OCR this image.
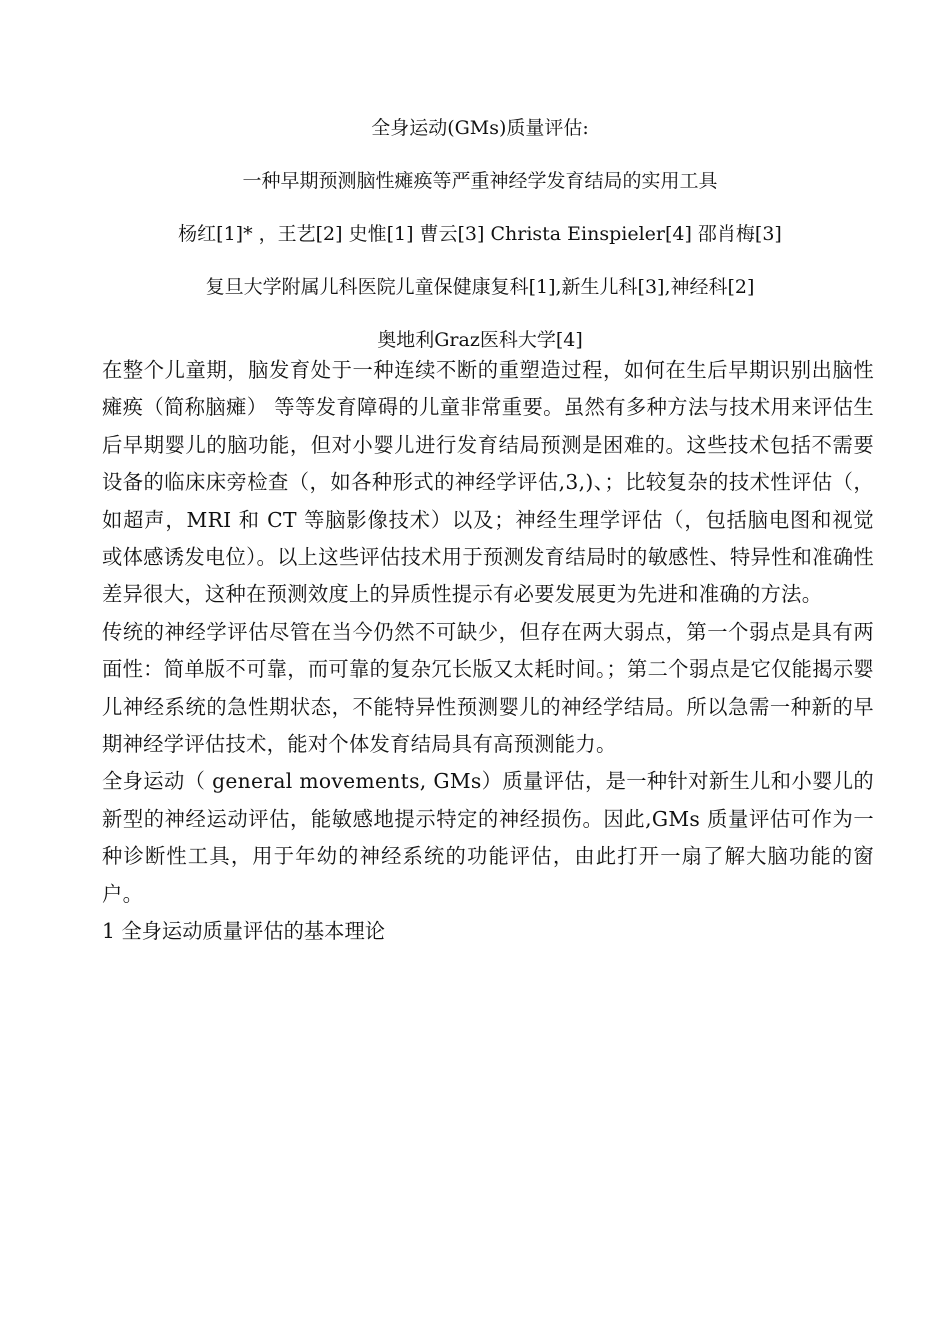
全身运动(GMs)质量评估:
一种早期预测脑性瘫痪等严重神经学发育结局的实用工具
杨红[1]* ，王艺[2] 史惟[1] 曹云[3] Christa Einspieler[4] 邵肖梅[3]
复旦大学附属儿科医院儿童保健康复科[1],新生儿科[3],神经科[2]
奥地利Graz医科大学[4]

在整个儿童期，脑发育处于一种连续不断的重塑造过程，如何在生后早期识别出脑性瘫痪（简称脑瘫） 等等发育障碍的儿童非常重要。虽然有多种方法与技术用来评估生后早期婴儿的脑功能，但对小婴儿进行发育结局预测是困难的。这些技术包括不需要设备的临床床旁检查（，如各种形式的神经学评估,3,)、；比较复杂的技术性评估（，如超声，MRI 和 CT 等脑影像技术）以及；神经生理学评估（，包括脑电图和视觉或体感诱发电位）。以上这些评估技术用于预测发育结局时的敏感性、特异性和准确性差异很大，这种在预测效度上的异质性提示有必要发展更为先进和准确的方法。

传统的神经学评估尽管在当今仍然不可缺少，但存在两大弱点，第一个弱点是具有两面性：简单版不可靠，而可靠的复杂冗长版又太耗时间。；第二个弱点是它仅能揭示婴儿神经系统的急性期状态，不能特异性预测婴儿的神经学结局。所以急需一种新的早期神经学评估技术，能对个体发育结局具有高预测能力。

全身运动（ general movements, GMs）质量评估，是一种针对新生儿和小婴儿的新型的神经运动评估，能敏感地提示特定的神经损伤。因此,GMs 质量评估可作为一种诊断性工具，用于年幼的神经系统的功能评估，由此打开一扇了解大脑功能的窗户。

1 全身运动质量评估的基本理论
